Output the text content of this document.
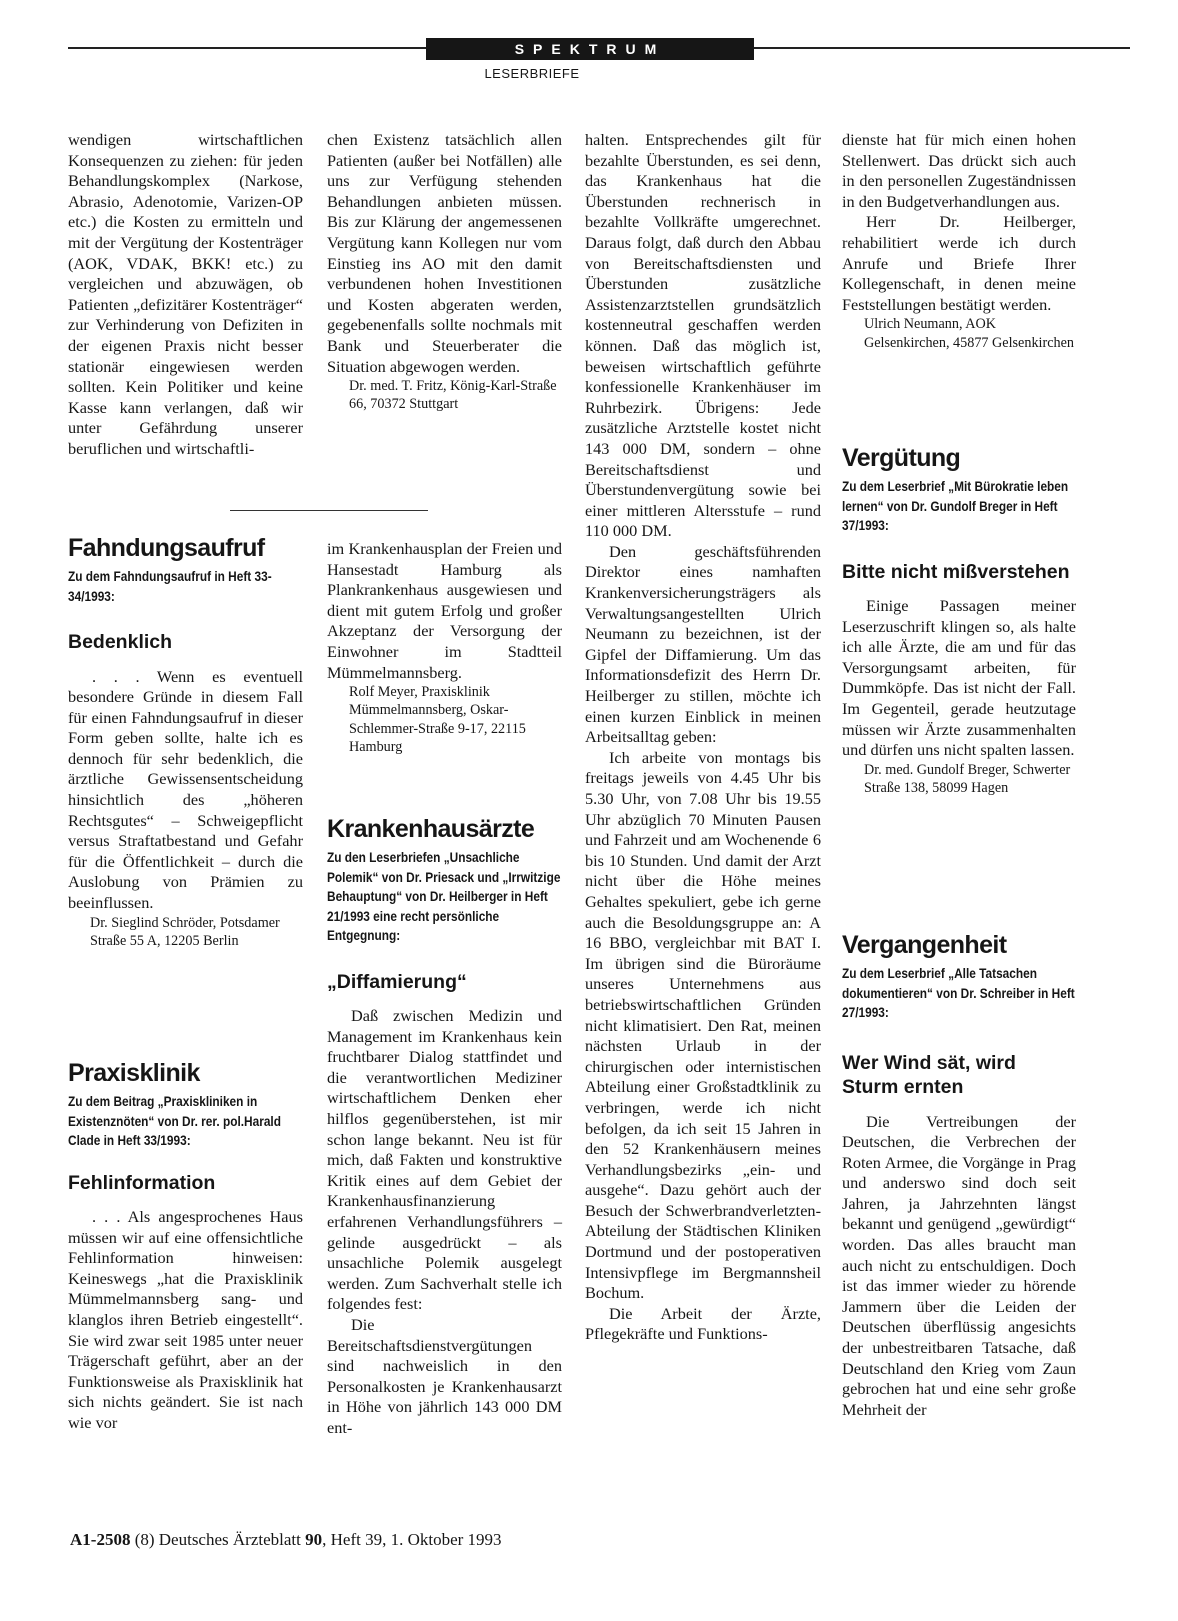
SPEKTRUM
LESERBRIEFE

wendigen wirtschaftlichen Konsequenzen zu ziehen: für jeden Behandlungskomplex (Narkose, Abrasio, Adenotomie, Varizen-OP etc.) die Kosten zu ermitteln und mit der Vergütung der Kostenträger (AOK, VDAK, BKK! etc.) zu vergleichen und abzuwägen, ob Patienten „defizitärer Kostenträger“ zur Verhinderung von Defiziten in der eigenen Praxis nicht besser stationär eingewiesen werden sollten. Kein Politiker und keine Kasse kann verlangen, daß wir unter Gefährdung unserer beruflichen und wirtschaftli-

Fahndungsaufruf

Zu dem Fahndungsaufruf in Heft 33-34/1993:

Bedenklich

. . . Wenn es eventuell besondere Gründe in diesem Fall für einen Fahndungsaufruf in dieser Form geben sollte, halte ich es dennoch für sehr bedenklich, die ärztliche Gewissensentscheidung hinsichtlich des „höheren Rechtsgutes“ – Schweigepflicht versus Straftatbestand und Gefahr für die Öffentlichkeit – durch die Auslobung von Prämien zu beeinflussen.

Dr. Sieglind Schröder, Potsdamer Straße 55 A, 12205 Berlin

Praxisklinik

Zu dem Beitrag „Praxiskliniken in Existenznöten“ von Dr. rer. pol.Harald Clade in Heft 33/1993:

Fehlinformation

. . . Als angesprochenes Haus müssen wir auf eine offensichtliche Fehlinformation hinweisen: Keineswegs „hat die Praxisklinik Mümmelmannsberg sang- und klanglos ihren Betrieb eingestellt“. Sie wird zwar seit 1985 unter neuer Trägerschaft geführt, aber an der Funktionsweise als Praxisklinik hat sich nichts geändert. Sie ist nach wie vor

chen Existenz tatsächlich allen Patienten (außer bei Notfällen) alle uns zur Verfügung stehenden Behandlungen anbieten müssen. Bis zur Klärung der angemessenen Vergütung kann Kollegen nur vom Einstieg ins AO mit den damit verbundenen hohen Investitionen und Kosten abgeraten werden, gegebenenfalls sollte nochmals mit Bank und Steuerberater die Situation abgewogen werden.

Dr. med. T. Fritz, König-Karl-Straße 66, 70372 Stuttgart

im Krankenhausplan der Freien und Hansestadt Hamburg als Plankrankenhaus ausgewiesen und dient mit gutem Erfolg und großer Akzeptanz der Versorgung der Einwohner im Stadtteil Mümmelmannsberg.

Rolf Meyer, Praxisklinik Mümmelmannsberg, Oskar-Schlemmer-Straße 9-17, 22115 Hamburg

Krankenhausärzte

Zu den Leserbriefen „Unsachliche Polemik“ von Dr. Priesack und „Irrwitzige Behauptung“ von Dr. Heilberger in Heft 21/1993 eine recht persönliche Entgegnung:

„Diffamierung“

Daß zwischen Medizin und Management im Krankenhaus kein fruchtbarer Dialog stattfindet und die verantwortlichen Mediziner wirtschaftlichem Denken eher hilflos gegenüberstehen, ist mir schon lange bekannt. Neu ist für mich, daß Fakten und konstruktive Kritik eines auf dem Gebiet der Krankenhausfinanzierung erfahrenen Verhandlungsführers – gelinde ausgedrückt – als unsachliche Polemik ausgelegt werden. Zum Sachverhalt stelle ich folgendes fest:

Die Bereitschaftsdienstvergütungen sind nachweislich in den Personalkosten je Krankenhausarzt in Höhe von jährlich 143 000 DM ent-

halten. Entsprechendes gilt für bezahlte Überstunden, es sei denn, das Krankenhaus hat die Überstunden rechnerisch in bezahlte Vollkräfte umgerechnet. Daraus folgt, daß durch den Abbau von Bereitschaftsdiensten und Überstunden zusätzliche Assistenzarztstellen grundsätzlich kostenneutral geschaffen werden können. Daß das möglich ist, beweisen wirtschaftlich geführte konfessionelle Krankenhäuser im Ruhrbezirk. Übrigens: Jede zusätzliche Arztstelle kostet nicht 143 000 DM, sondern – ohne Bereitschaftsdienst und Überstundenvergütung sowie bei einer mittleren Altersstufe – rund 110 000 DM.

Den geschäftsführenden Direktor eines namhaften Krankenversicherungsträgers als Verwaltungsangestellten Ulrich Neumann zu bezeichnen, ist der Gipfel der Diffamierung. Um das Informationsdefizit des Herrn Dr. Heilberger zu stillen, möchte ich einen kurzen Einblick in meinen Arbeitsalltag geben:

Ich arbeite von montags bis freitags jeweils von 4.45 Uhr bis 5.30 Uhr, von 7.08 Uhr bis 19.55 Uhr abzüglich 70 Minuten Pausen und Fahrzeit und am Wochenende 6 bis 10 Stunden. Und damit der Arzt nicht über die Höhe meines Gehaltes spekuliert, gebe ich gerne auch die Besoldungsgruppe an: A 16 BBO, vergleichbar mit BAT I. Im übrigen sind die Büroräume unseres Unternehmens aus betriebswirtschaftlichen Gründen nicht klimatisiert. Den Rat, meinen nächsten Urlaub in der chirurgischen oder internistischen Abteilung einer Großstadtklinik zu verbringen, werde ich nicht befolgen, da ich seit 15 Jahren in den 52 Krankenhäusern meines Verhandlungsbezirks „ein- und ausgehe“. Dazu gehört auch der Besuch der Schwerbrandverletzten-Abteilung der Städtischen Kliniken Dortmund und der postoperativen Intensivpflege im Bergmannsheil Bochum.

Die Arbeit der Ärzte, Pflegekräfte und Funktions-

dienste hat für mich einen hohen Stellenwert. Das drückt sich auch in den personellen Zugeständnissen in den Budgetverhandlungen aus.

Herr Dr. Heilberger, rehabilitiert werde ich durch Anrufe und Briefe Ihrer Kollegenschaft, in denen meine Feststellungen bestätigt werden.

Ulrich Neumann, AOK Gelsenkirchen, 45877 Gelsenkirchen

Vergütung

Zu dem Leserbrief „Mit Bürokratie leben lernen“ von Dr. Gundolf Breger in Heft 37/1993:

Bitte nicht mißverstehen

Einige Passagen meiner Leserzuschrift klingen so, als halte ich alle Ärzte, die am und für das Versorgungsamt arbeiten, für Dummköpfe. Das ist nicht der Fall. Im Gegenteil, gerade heutzutage müssen wir Ärzte zusammenhalten und dürfen uns nicht spalten lassen.

Dr. med. Gundolf Breger, Schwerter Straße 138, 58099 Hagen

Vergangenheit

Zu dem Leserbrief „Alle Tatsachen dokumentieren“ von Dr. Schreiber in Heft 27/1993:

Wer Wind sät, wird Sturm ernten

Die Vertreibungen der Deutschen, die Verbrechen der Roten Armee, die Vorgänge in Prag und anderswo sind doch seit Jahren, ja Jahrzehnten längst bekannt und genügend „gewürdigt“ worden. Das alles braucht man auch nicht zu entschuldigen. Doch ist das immer wieder zu hörende Jammern über die Leiden der Deutschen überflüssig angesichts der unbestreitbaren Tatsache, daß Deutschland den Krieg vom Zaun gebrochen hat und eine sehr große Mehrheit der

A1-2508 (8) Deutsches Ärzteblatt 90, Heft 39, 1. Oktober 1993
